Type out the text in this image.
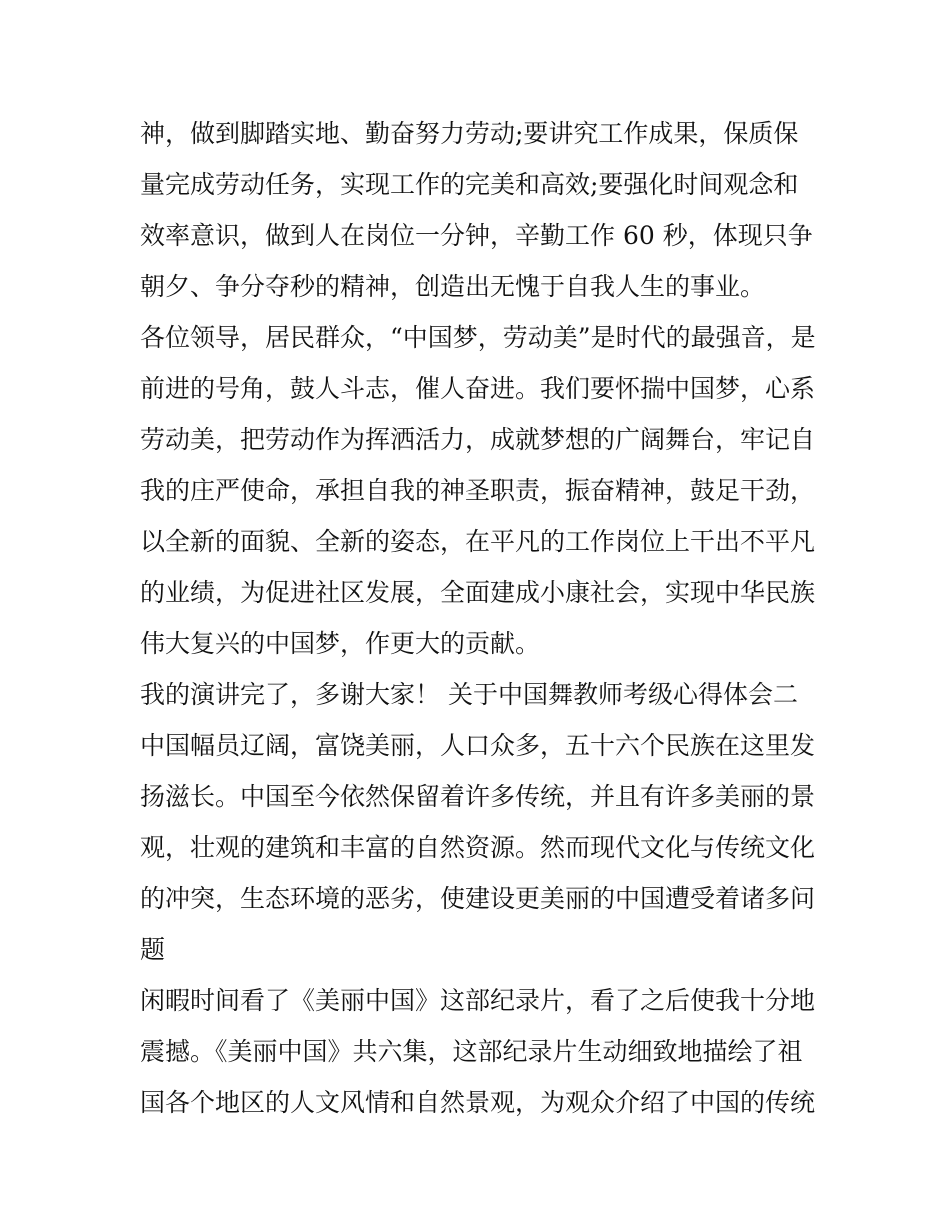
神，做到脚踏实地、勤奋努力劳动;要讲究工作成果，保质保
量完成劳动任务，实现工作的完美和高效;要强化时间观念和
效率意识，做到人在岗位一分钟，辛勤工作 60 秒，体现只争
朝夕、争分夺秒的精神，创造出无愧于自我人生的事业。
各位领导，居民群众，“中国梦，劳动美”是时代的最强音，是
前进的号角，鼓人斗志，催人奋进。我们要怀揣中国梦，心系
劳动美，把劳动作为挥洒活力，成就梦想的广阔舞台，牢记自
我的庄严使命，承担自我的神圣职责，振奋精神，鼓足干劲，
以全新的面貌、全新的姿态，在平凡的工作岗位上干出不平凡
的业绩，为促进社区发展，全面建成小康社会，实现中华民族
伟大复兴的中国梦，作更大的贡献。
我的演讲完了，多谢大家！ 关于中国舞教师考级心得体会二
中国幅员辽阔，富饶美丽，人口众多，五十六个民族在这里发
扬滋长。中国至今依然保留着许多传统，并且有许多美丽的景
观，壮观的建筑和丰富的自然资源。然而现代文化与传统文化
的冲突，生态环境的恶劣，使建设更美丽的中国遭受着诸多问
题
闲暇时间看了《美丽中国》这部纪录片，看了之后使我十分地
震撼。《美丽中国》共六集，这部纪录片生动细致地描绘了祖
国各个地区的人文风情和自然景观，为观众介绍了中国的传统
